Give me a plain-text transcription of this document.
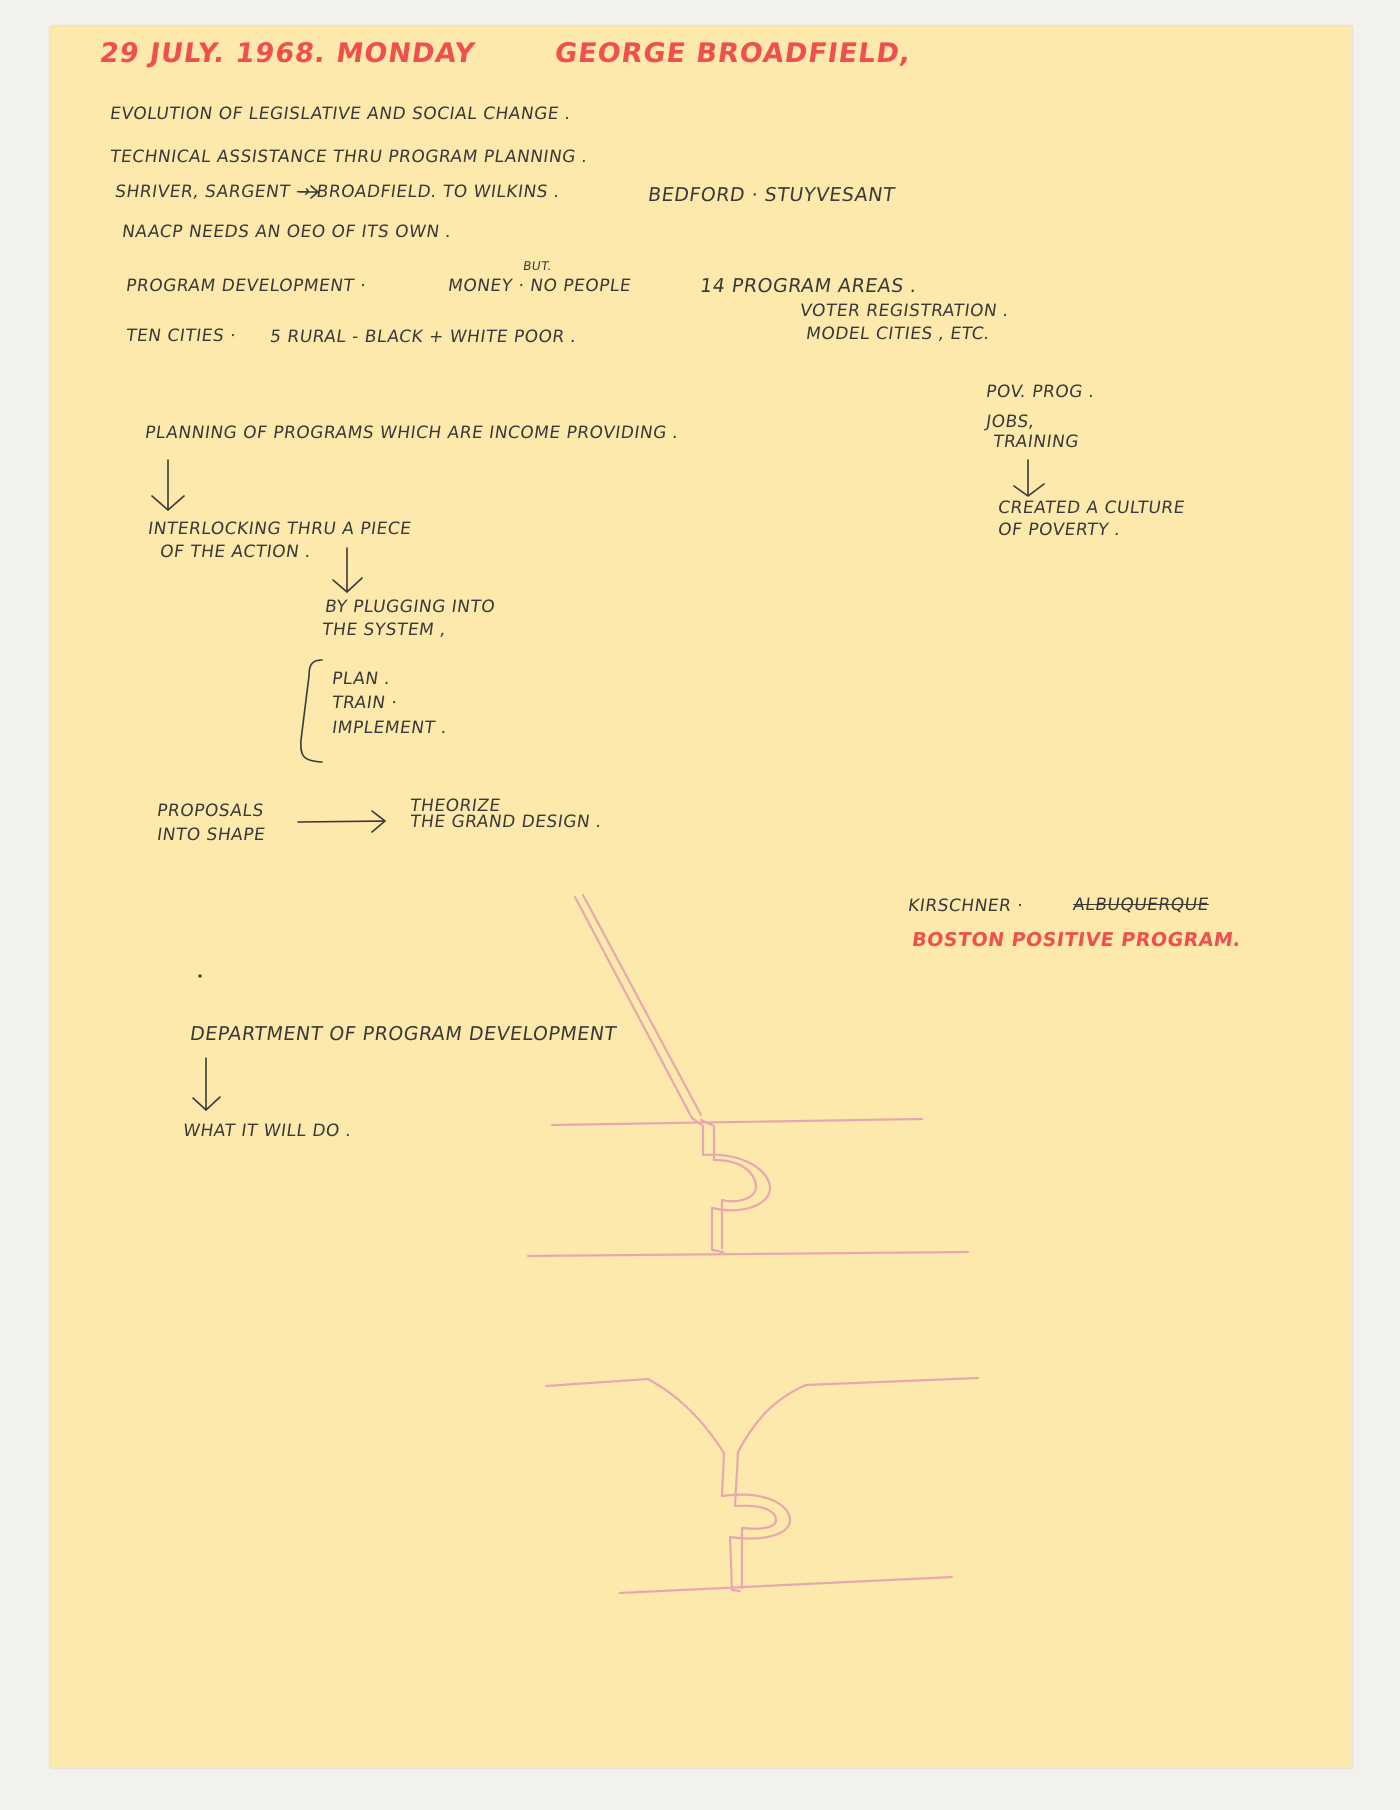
29 JULY. 1968. MONDAY	GEORGE BROADFIELD,
EVOLUTION OF LEGISLATIVE AND SOCIAL CHANGE .
TECHNICAL ASSISTANCE THRU PROGRAM PLANNING .
SHRIVER, SARGENT → BROADFIELD. TO WILKINS .	BEDFORD · STUYVESANT
NAACP NEEDS AN OEO OF ITS OWN .
BUT.
PROGRAM DEVELOPMENT ·	MONEY · NO PEOPLE	14 PROGRAM AREAS .
VOTER REGISTRATION .
TEN CITIES · 5 RURAL - BLACK + WHITE POOR .	MODEL CITIES , ETC.
POV. PROG .
JOBS,
TRAINING
CREATED A CULTURE
OF POVERTY .
PLANNING OF PROGRAMS WHICH ARE INCOME PROVIDING .
INTERLOCKING THRU A PIECE
OF THE ACTION .
BY PLUGGING INTO
THE SYSTEM ,
PLAN .
TRAIN ·
IMPLEMENT .
PROPOSALS
INTO SHAPE
THEORIZE
THE GRAND DESIGN .
KIRSCHNER ·	ALBUQUERQUE
BOSTON POSITIVE PROGRAM.
DEPARTMENT OF PROGRAM DEVELOPMENT
WHAT IT WILL DO .
